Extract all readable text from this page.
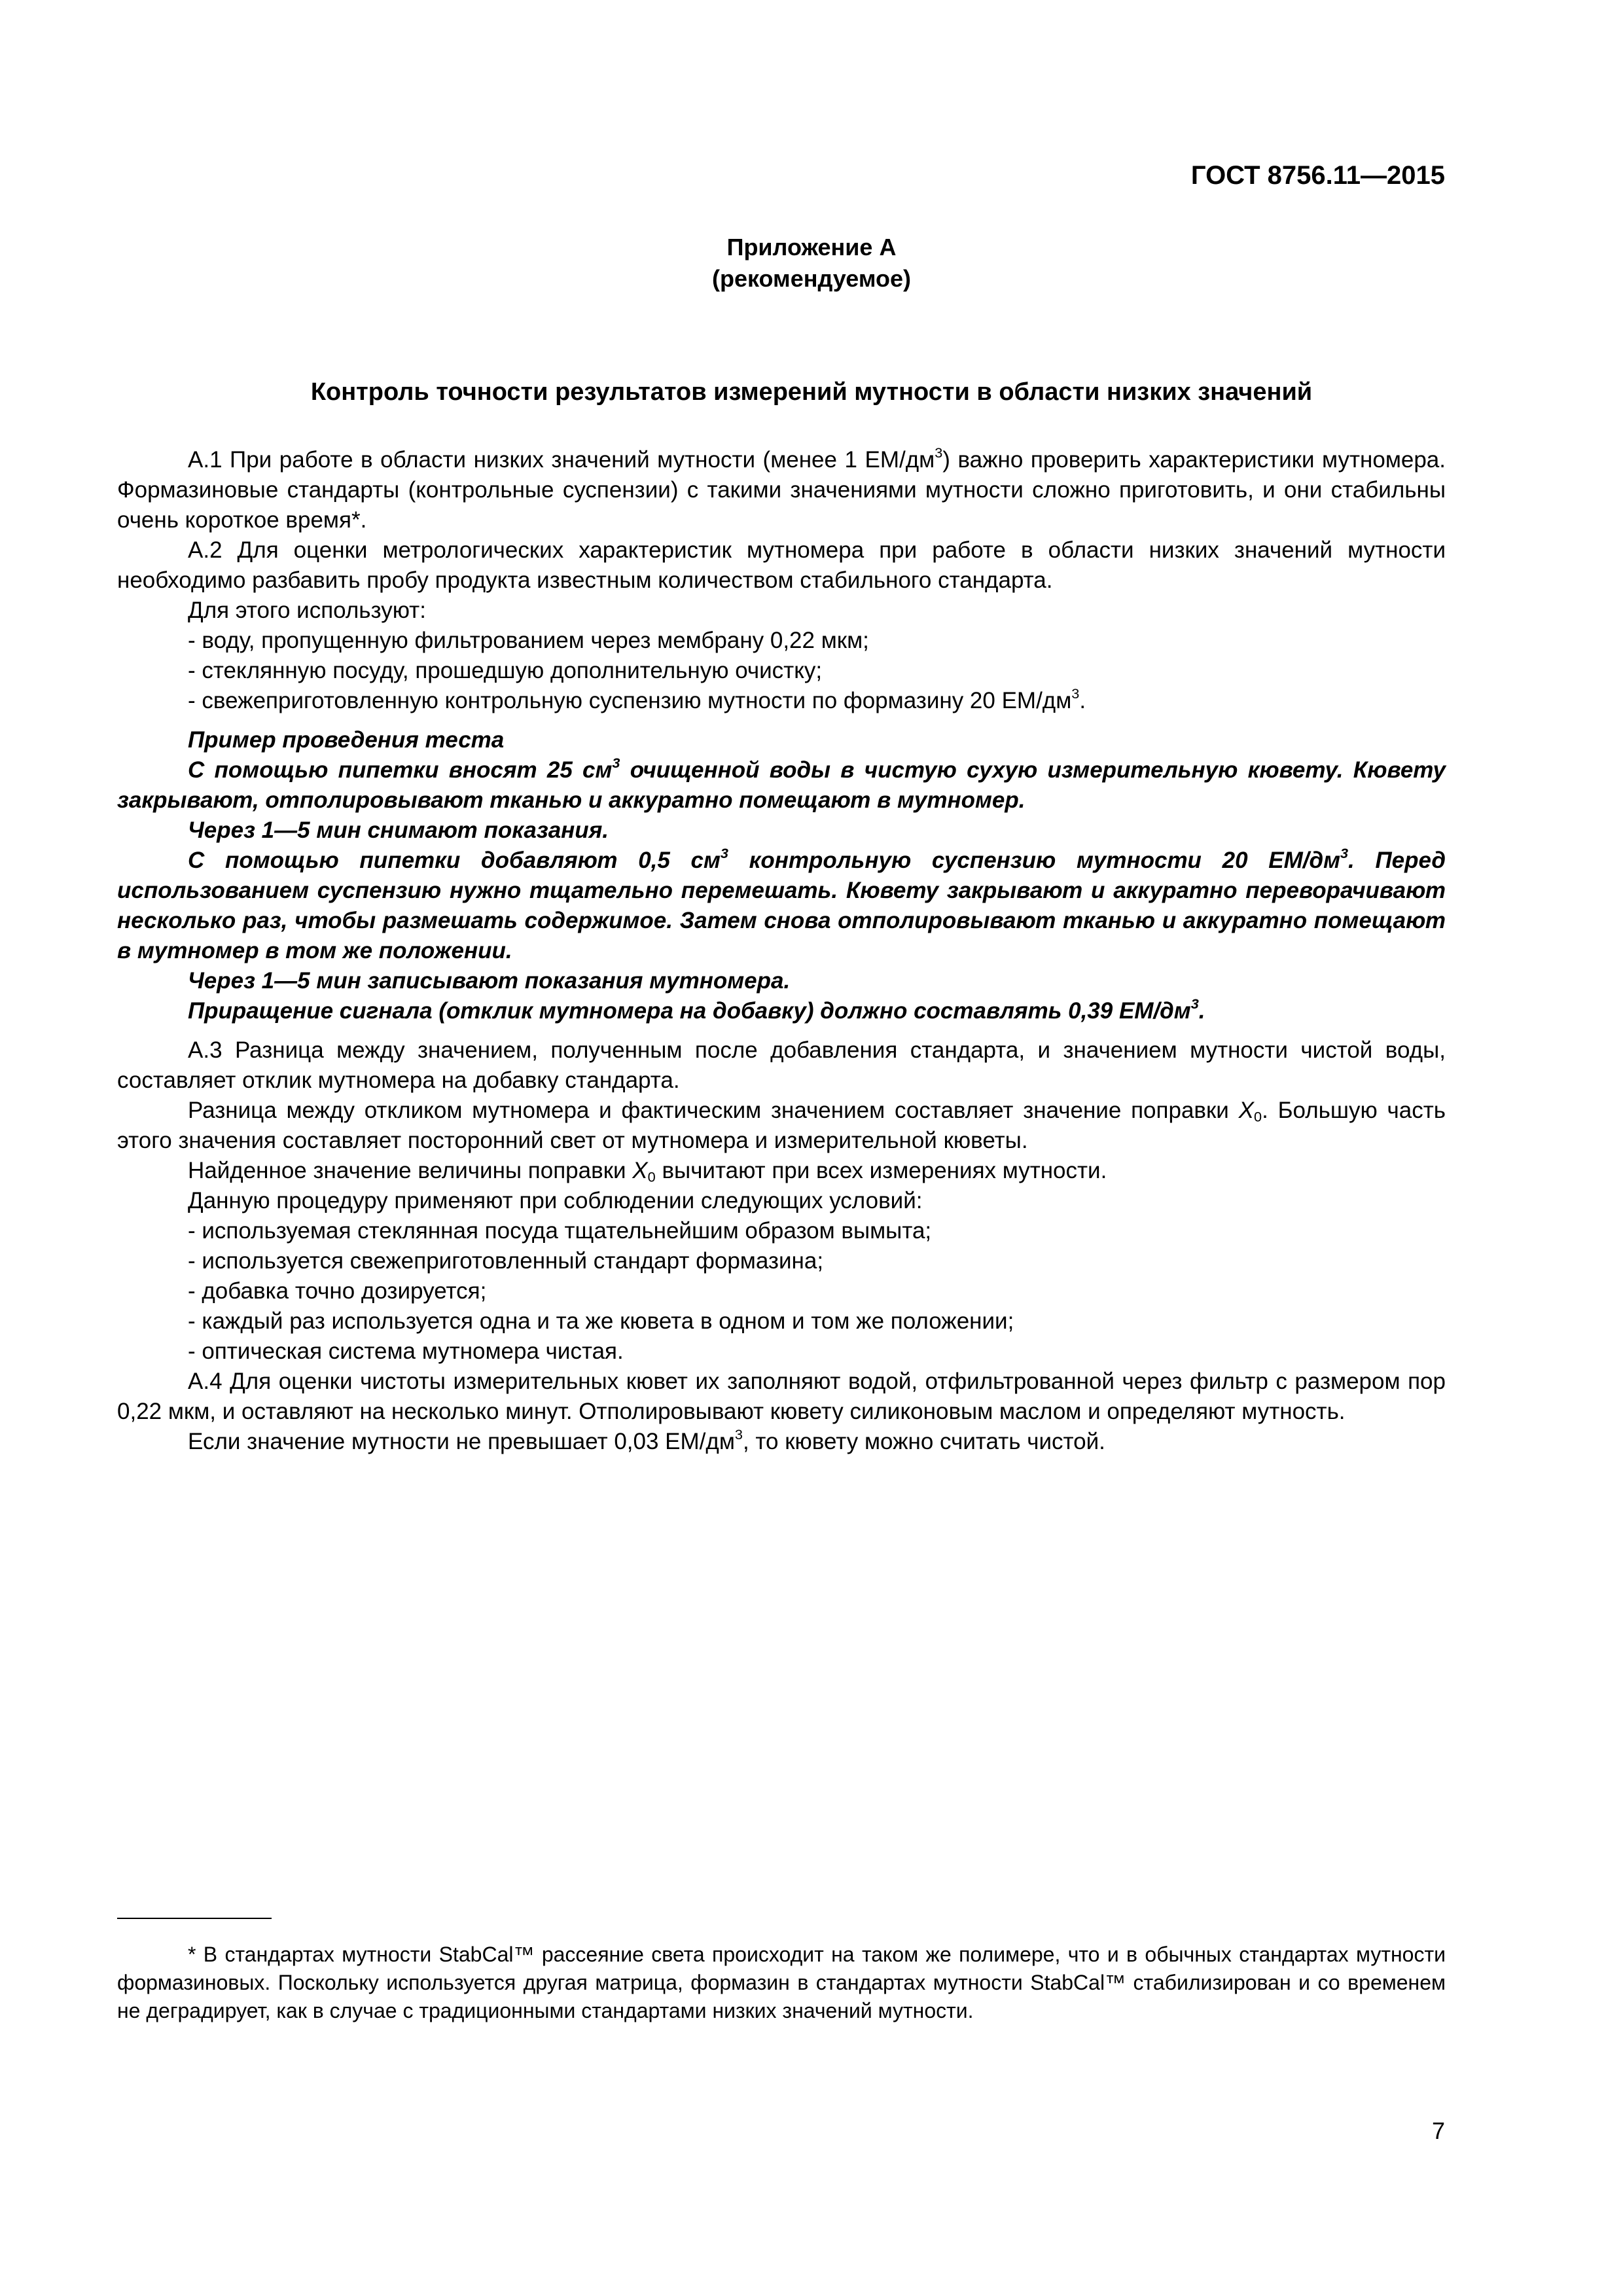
ГОСТ 8756.11—2015
Приложение А
(рекомендуемое)
Контроль точности результатов измерений мутности в области низких значений

А.1 При работе в области низких значений мутности (менее 1 $ЕМ/дм^3$) важно проверить характеристики мутномера. Формазиновые стандарты (контрольные суспензии) с такими значениями мутности сложно приготовить, и они стабильны очень короткое время*.

А.2 Для оценки метрологических характеристик мутномера при работе в области низких значений мутности необходимо разбавить пробу продукта известным количеством стабильного стандарта.

Для этого используют:

- воду, пропущенную фильтрованием через мембрану 0,22 мкм;

- стеклянную посуду, прошедшую дополнительную очистку;

- свежеприготовленную контрольную суспензию мутности по формазину 20 $ЕМ/дм^3$.

Пример проведения теста

С помощью пипетки вносят 25 $см^3$ очищенной воды в чистую сухую измерительную кювету. Кювету закрывают, отполировывают тканью и аккуратно помещают в мутномер.

Через 1—5 мин снимают показания.

С помощью пипетки добавляют 0,5 $см^3$ контрольную суспензию мутности 20 $ЕМ/дм^3$. Перед использованием суспензию нужно тщательно перемешать. Кювету закрывают и аккуратно переворачивают несколько раз, чтобы размешать содержимое. Затем снова отполировывают тканью и аккуратно помещают в мутномер в том же положении.

Через 1—5 мин записывают показания мутномера.

Приращение сигнала (отклик мутномера на добавку) должно составлять 0,39 $ЕМ/дм^3$.

А.3 Разница между значением, полученным после добавления стандарта, и значением мутности чистой воды, составляет отклик мутномера на добавку стандарта.

Разница между откликом мутномера и фактическим значением составляет значение поправки $X_0$. Большую часть этого значения составляет посторонний свет от мутномера и измерительной кюветы.

Найденное значение величины поправки $X_0$ вычитают при всех измерениях мутности.

Данную процедуру применяют при соблюдении следующих условий:

- используемая стеклянная посуда тщательнейшим образом вымыта;

- используется свежеприготовленный стандарт формазина;

- добавка точно дозируется;

- каждый раз используется одна и та же кювета в одном и том же положении;

- оптическая система мутномера чистая.

А.4 Для оценки чистоты измерительных кювет их заполняют водой, отфильтрованной через фильтр с размером пор 0,22 мкм, и оставляют на несколько минут. Отполировывают кювету силиконовым маслом и определяют мутность.

Если значение мутности не превышает 0,03 $ЕМ/дм^3$, то кювету можно считать чистой.

* В стандартах мутности StabCal™ рассеяние света происходит на таком же полимере, что и в обычных стандартах мутности формазиновых. Поскольку используется другая матрица, формазин в стандартах мутности StabCal™ стабилизирован и со временем не деградирует, как в случае с традиционными стандартами низких значений мутности.
7
